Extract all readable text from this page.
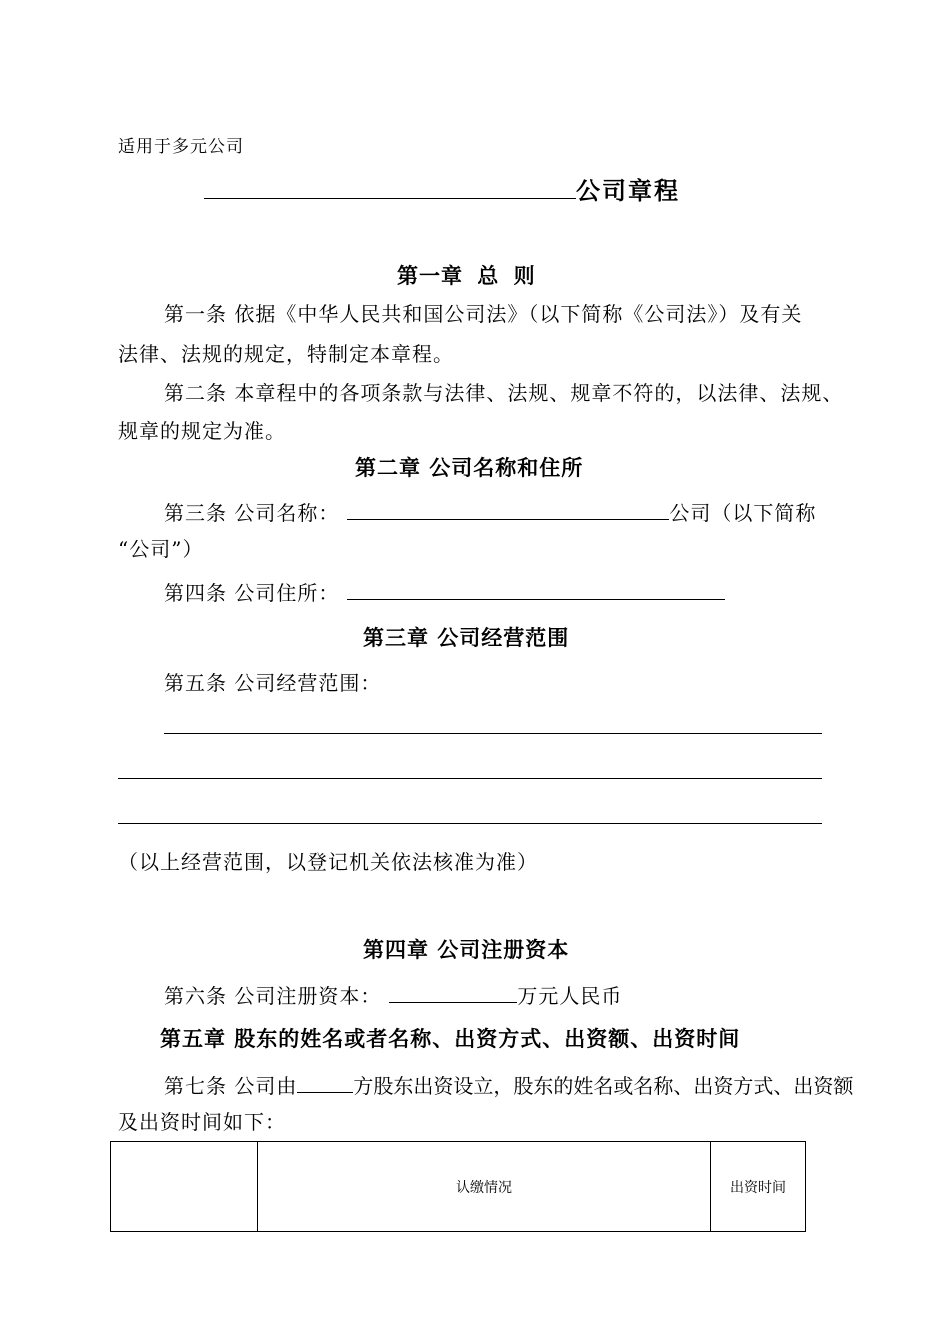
适用于多元公司
公司章程
第一章 总 则
第一条 依据《中华人民共和国公司法》（以下简称《公司法》）及有关
法律、法规的规定，特制定本章程。
第二条 本章程中的各项条款与法律、法规、规章不符的，以法律、法规、
规章的规定为准。
第二章 公司名称和住所
第三条 公司名称：	公司（以下简称
“公司”）
第四条 公司住所：
第三章 公司经营范围
第五条 公司经营范围：
（以上经营范围，以登记机关依法核准为准）
第四章 公司注册资本
第六条 公司注册资本：	万元人民币
第五章 股东的姓名或者名称、出资方式、出资额、出资时间
第七条 公司由	方股东出资设立，股东的姓名或名称、出资方式、出资额
及出资时间如下：
	认缴情况	出资时间
